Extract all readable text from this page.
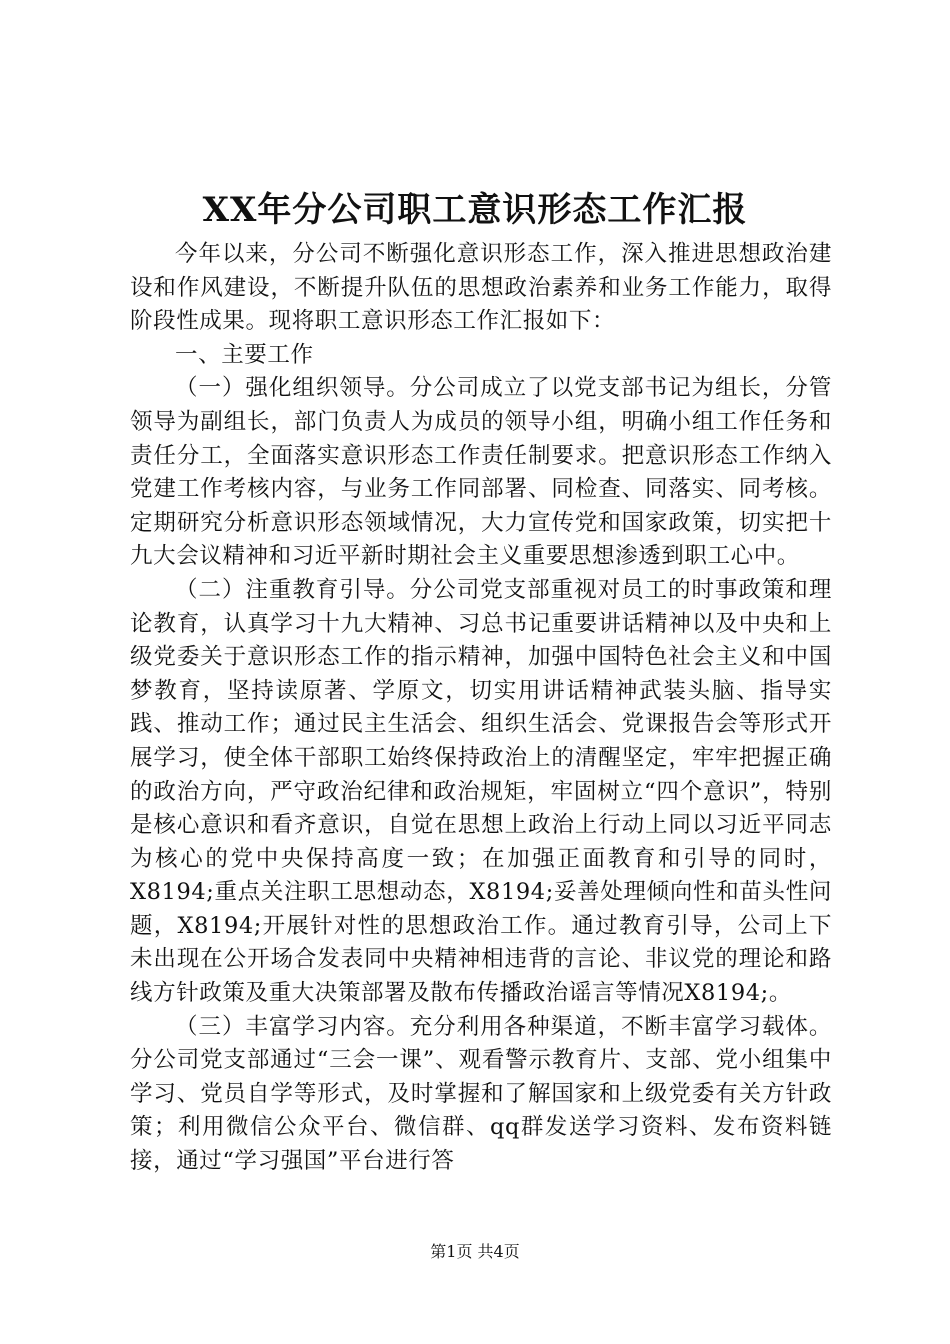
XX年分公司职工意识形态工作汇报

今年以来，分公司不断强化意识形态工作，深入推进思想政治建设和作风建设，不断提升队伍的思想政治素养和业务工作能力，取得阶段性成果。现将职工意识形态工作汇报如下：

一、主要工作

（一）强化组织领导。分公司成立了以党支部书记为组长，分管领导为副组长，部门负责人为成员的领导小组，明确小组工作任务和责任分工，全面落实意识形态工作责任制要求。把意识形态工作纳入党建工作考核内容，与业务工作同部署、同检查、同落实、同考核。定期研究分析意识形态领域情况，大力宣传党和国家政策，切实把十九大会议精神和习近平新时期社会主义重要思想渗透到职工心中。

（二）注重教育引导。分公司党支部重视对员工的时事政策和理论教育，认真学习十九大精神、习总书记重要讲话精神以及中央和上级党委关于意识形态工作的指示精神，加强中国特色社会主义和中国梦教育，坚持读原著、学原文，切实用讲话精神武装头脑、指导实践、推动工作；通过民主生活会、组织生活会、党课报告会等形式开展学习，使全体干部职工始终保持政治上的清醒坚定，牢牢把握正确的政治方向，严守政治纪律和政治规矩，牢固树立“四个意识”，特别是核心意识和看齐意识，自觉在思想上政治上行动上同以习近平同志为核心的党中央保持高度一致；在加强正面教育和引导的同时，X8194;重点关注职工思想动态，X8194;妥善处理倾向性和苗头性问题，X8194;开展针对性的思想政治工作。通过教育引导，公司上下未出现在公开场合发表同中央精神相违背的言论、非议党的理论和路线方针政策及重大决策部署及散布传播政治谣言等情况X8194;。

（三）丰富学习内容。充分利用各种渠道，不断丰富学习载体。分公司党支部通过“三会一课”、观看警示教育片、支部、党小组集中学习、党员自学等形式，及时掌握和了解国家和上级党委有关方针政策；利用微信公众平台、微信群、qq群发送学习资料、发布资料链接，通过“学习强国”平台进行答

第1页 共4页
